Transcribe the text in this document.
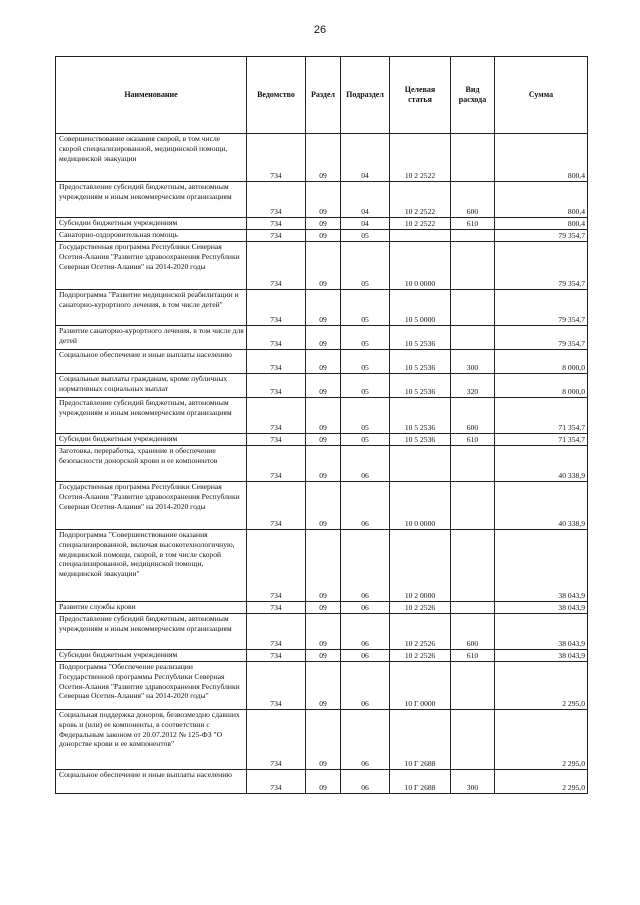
26
Наименование	Ведомство	Раздел	Подраздел	Целевая статья	Вид расхода	Сумма
Совершенствование оказания скорой, в том числе скорой специализированной, медицинской помощи, медицинской эвакуации	734	09	04	10 2 2522		800,4
Предоставление субсидий бюджетным, автономным учреждениям и иным некоммерческим организациям	734	09	04	10 2 2522	600	800,4
Субсидии бюджетным учреждениям	734	09	04	10 2 2522	610	800,4
Санаторно-оздоровительная помощь	734	09	05			79 354,7
Государственная программа Республики Северная Осетия-Алания "Развитие здравоохранения Республики Северная Осетия-Алания" на 2014-2020 годы	734	09	05	10 0 0000		79 354,7
Подпрограмма "Развитие медицинской реабилитации и санаторно-курортного лечения, в том числе детей"	734	09	05	10 5 0000		79 354,7
Развитие санаторно-курортного лечения, в том числе для детей	734	09	05	10 5 2536		79 354,7
Социальное обеспечение и иные выплаты населению	734	09	05	10 5 2536	300	8 000,0
Социальные выплаты гражданам, кроме публичных нормативных социальных выплат	734	09	05	10 5 2536	320	8 000,0
Предоставление субсидий бюджетным, автономным учреждениям и иным некоммерческим организациям	734	09	05	10 5 2536	600	71 354,7
Субсидии бюджетным учреждениям	734	09	05	10 5 2536	610	71 354,7
Заготовка, переработка, хранение и обеспечение безопасности донорской крови и ее компонентов	734	09	06			40 338,9
Государственная программа Республики Северная Осетия-Алания "Развитие здравоохранения Республики Северная Осетия-Алания" на 2014-2020 годы	734	09	06	10 0 0000		40 338,9
Подпрограмма "Совершенствование оказания специализированной, включая высокотехнологичную, медицинской помощи, скорой, в том числе скорой специализированной, медицинской помощи, медицинской эвакуации"	734	09	06	10 2 0000		38 043,9
Развитие службы крови	734	09	06	10 2 2526		38 043,9
Предоставление субсидий бюджетным, автономным учреждениям и иным некоммерческим организациям	734	09	06	10 2 2526	600	38 043,9
Субсидии бюджетным учреждениям	734	09	06	10 2 2526	610	38 043,9
Подпрограмма "Обеспечение реализации Государственной программы Республики Северная Осетия-Алания "Развитие здравоохранения Республики Северная Осетия-Алания" на 2014-2020 годы"	734	09	06	10 Г 0000		2 295,0
Социальная поддержка доноров, безвозмездно сдавших кровь и (или) ее компоненты, в соответствии с Федеральным законом от 20.07.2012 № 125-ФЗ "О донорстве крови и ее компонентов"	734	09	06	10 Г 2688		2 295,0
Социальное обеспечение и иные выплаты населению	734	09	06	10 Г 2688	300	2 295,0
